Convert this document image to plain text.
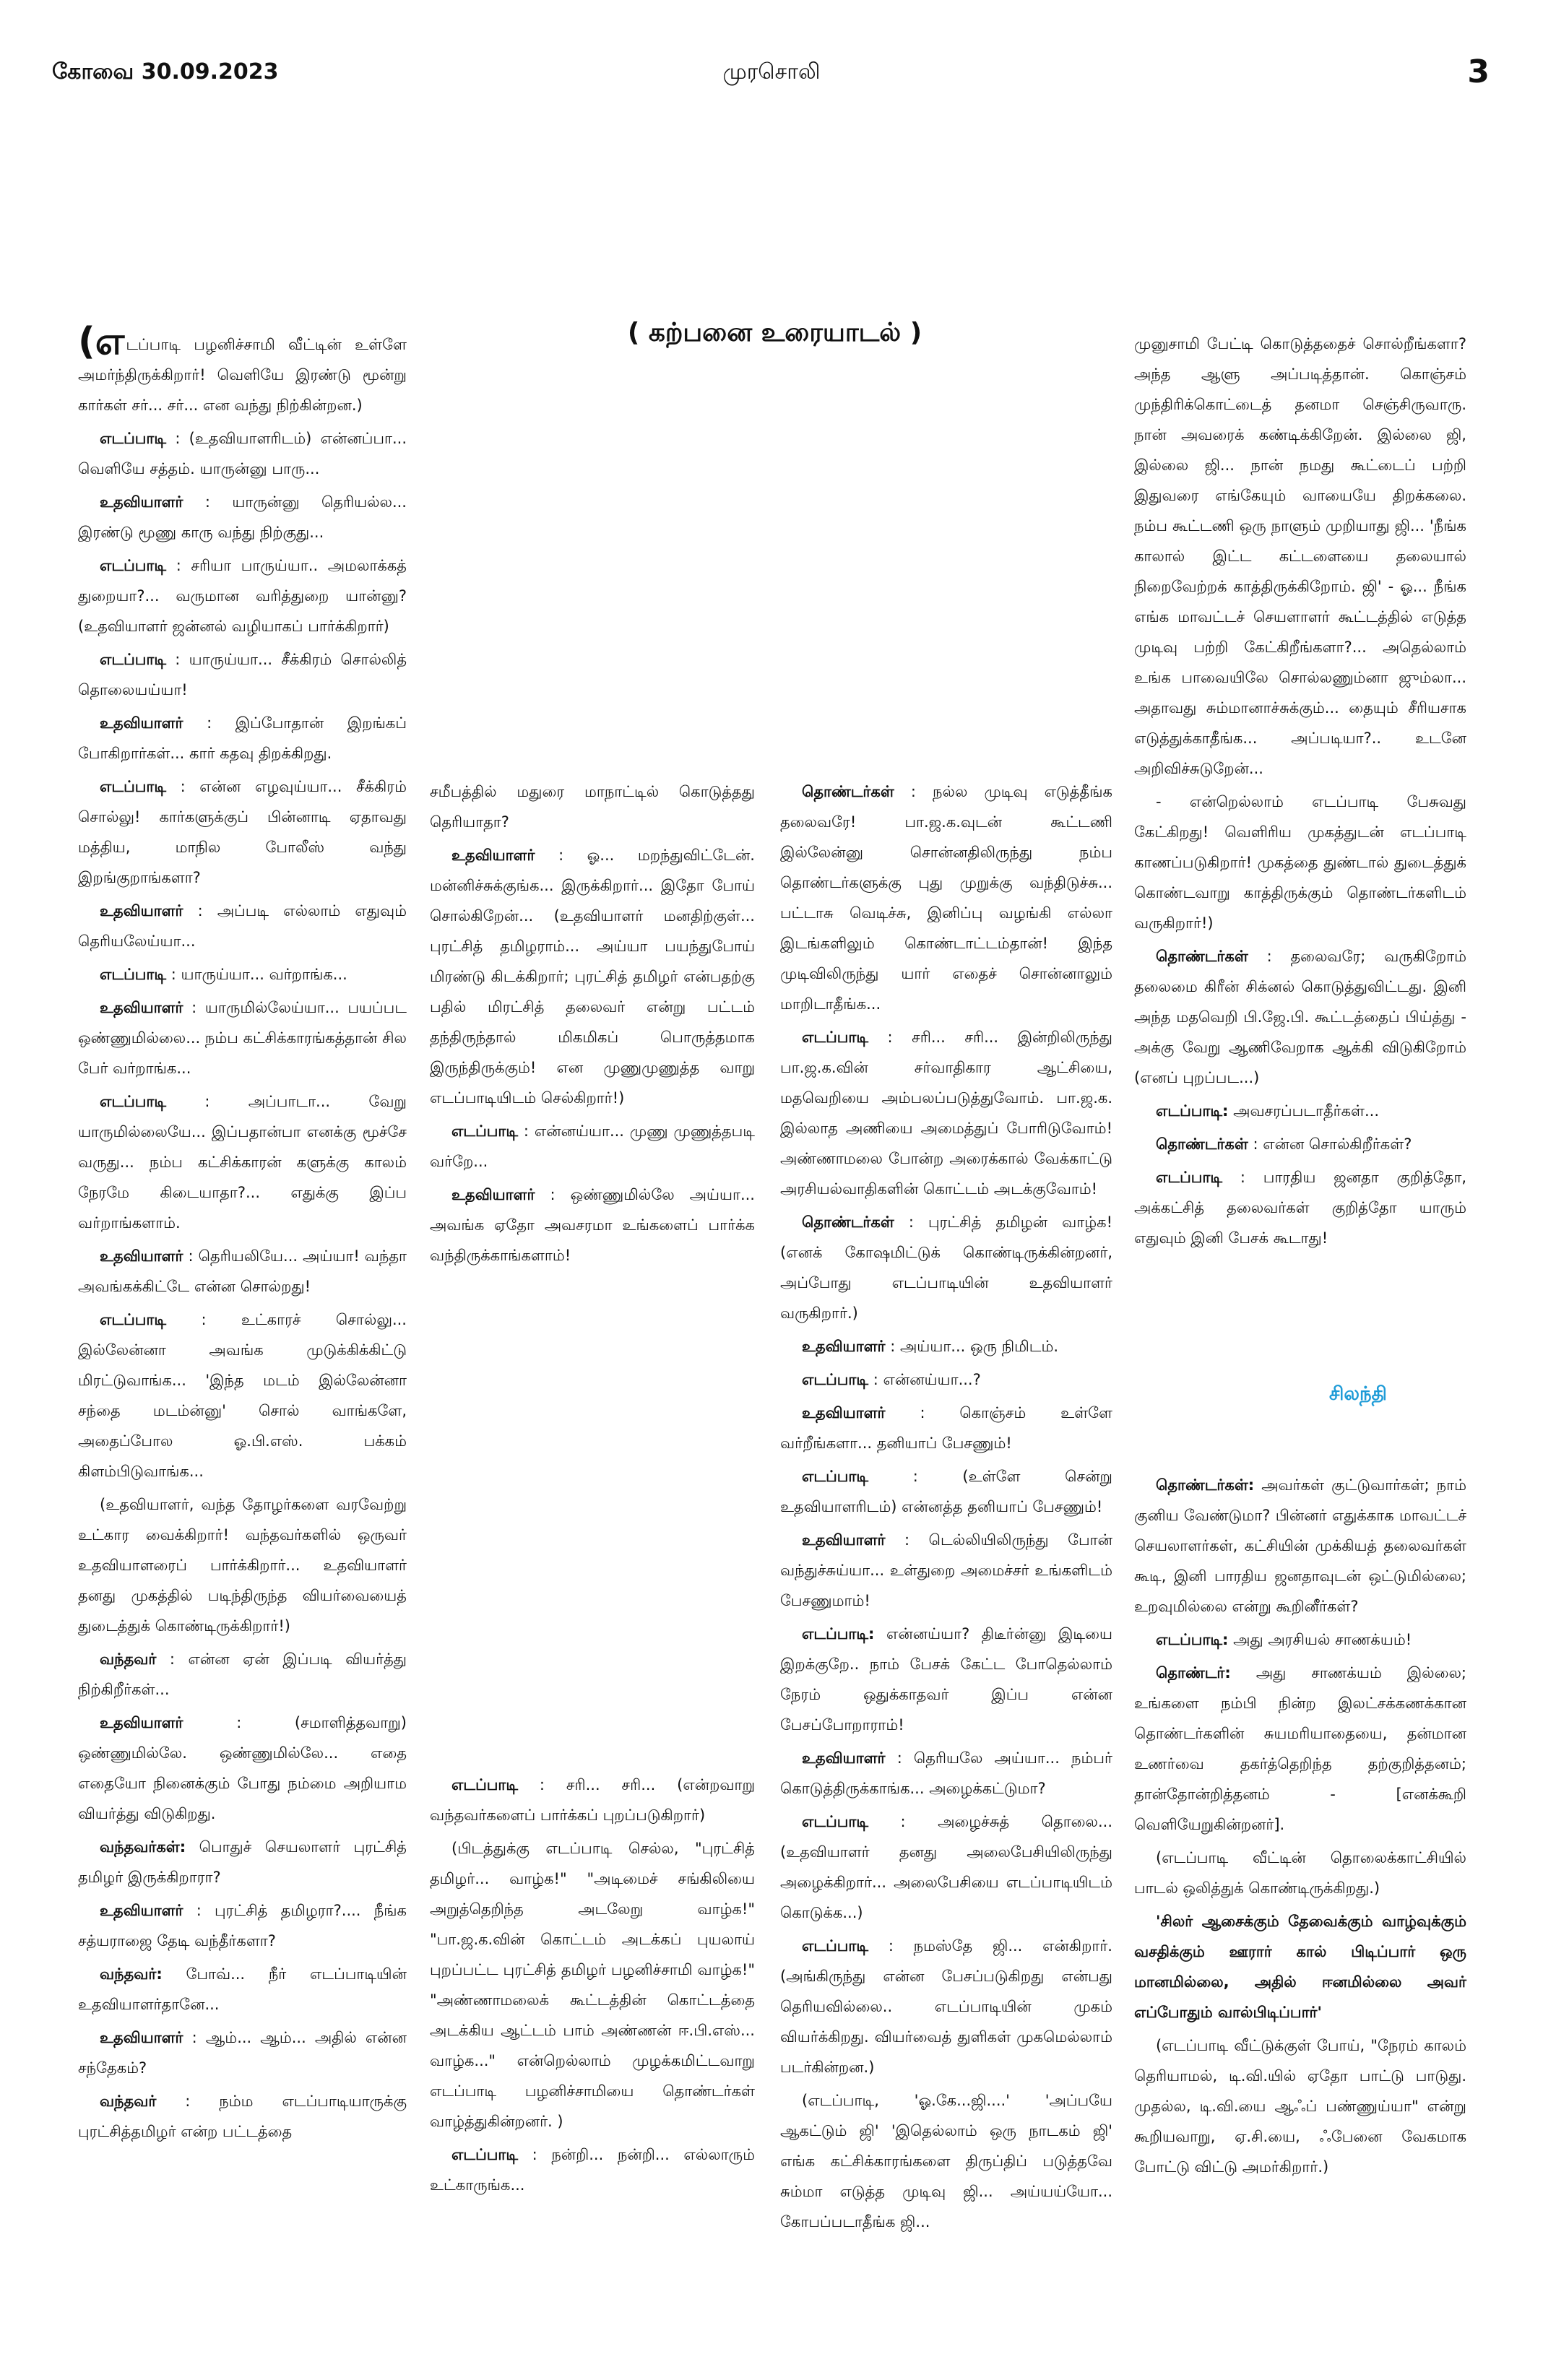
கோவை 30.09.2023	முரசொலி	3
( கற்பனை உரையாடல் )

(எடப்பாடி பழனிச்சாமி வீட்டின் உள்ளே அமர்ந்திருக்கிறார்! வெளியே இரண்டு மூன்று கார்கள் சர்... சர்... என வந்து நிற்கின்றன.)

எடப்பாடி : (உதவியாளரிடம்) என்னப்பா... வெளியே சத்தம். யாருன்னு பாரு...

உதவியாளர் : யாருன்னு தெரியல்ல... இரண்டு மூணு காரு வந்து நிற்குது...

எடப்பாடி : சரியா பாருய்யா.. அமலாக்கத் துறையா?... வருமான வரித்துறை யான்னு? (உதவியாளர் ஜன்னல் வழியாகப் பார்க்கிறார்)

எடப்பாடி : யாருய்யா... சீக்கிரம் சொல்லித் தொலையய்யா!

உதவியாளர் : இப்போதான் இறங்கப் போகிறார்கள்... கார் கதவு திறக்கிறது.

எடப்பாடி : என்ன எழவுய்யா... சீக்கிரம் சொல்லு! கார்களுக்குப் பின்னாடி ஏதாவது மத்திய, மாநில போலீஸ் வந்து இறங்குறாங்களா?

உதவியாளர் : அப்படி எல்லாம் எதுவும் தெரியலேய்யா...

எடப்பாடி : யாருய்யா... வர்றாங்க...

உதவியாளர் : யாருமில்லேய்யா... பயப்பட ஒண்ணுமில்லை... நம்ப கட்சிக்காரங்கத்தான் சில பேர் வர்றாங்க...

எடப்பாடி	: அப்பாடா... வேறு யாருமில்லையே... இப்பதான்பா எனக்கு மூச்சே வருது... நம்ப கட்சிக்காரன் களுக்கு காலம் நேரமே கிடையாதா?... எதுக்கு இப்ப வர்றாங்களாம்.

உதவியாளர் : தெரியலியே... அய்யா! வந்தா அவங்கக்கிட்டே என்ன சொல்றது!

எடப்பாடி : உட்காரச் சொல்லு... இல்லேன்னா அவங்க முடுக்கிக்கிட்டு மிரட்டுவாங்க... 'இந்த மடம் இல்லேன்னா சந்தை மடம்ன்னு' சொல் வாங்களே, அதைப்போல ஓ.பி.எஸ். பக்கம் கிளம்பிடுவாங்க...

(உதவியாளர், வந்த தோழர்களை வரவேற்று உட்கார வைக்கிறார்! வந்தவர்களில் ஒருவர் உதவியாளரைப் பார்க்கிறார்... உதவியாளர் தனது முகத்தில் படிந்திருந்த வியர்வையைத் துடைத்துக் கொண்டிருக்கிறார்!)

வந்தவர் : என்ன ஏன் இப்படி வியர்த்து நிற்கிறீர்கள்...

உதவியாளர்	: (சமாளித்தவாறு) ஒண்ணுமில்லே. ஒண்ணுமில்லே... எதை எதையோ நினைக்கும் போது நம்மை அறியாம வியர்த்து விடுகிறது.

வந்தவர்கள்: பொதுச் செயலாளர் புரட்சித் தமிழர் இருக்கிறாரா?

உதவியாளர் : புரட்சித் தமிழரா?.... நீங்க சத்யராஜை தேடி வந்தீர்களா?

வந்தவர்: போவ்... நீர் எடப்பாடியின் உதவியாளர்தானே...

உதவியாளர் : ஆம்... ஆம்... அதில் என்ன சந்தேகம்?

வந்தவர் : நம்ம எடப்பாடியாருக்கு புரட்சித்தமிழர் என்ற பட்டத்தை

சமீபத்தில் மதுரை மாநாட்டில் கொடுத்தது தெரியாதா?

உதவியாளர் : ஓ... மறந்துவிட்டேன். மன்னிச்சுக்குங்க... இருக்கிறார்... இதோ போய் சொல்கிறேன்... (உதவியாளர் மனதிற்குள்... புரட்சித் தமிழராம்... அய்யா பயந்துபோய் மிரண்டு கிடக்கிறார்; புரட்சித் தமிழர் என்பதற்கு பதில் மிரட்சித் தலைவர் என்று பட்டம் தந்திருந்தால் மிகமிகப் பொருத்தமாக இருந்திருக்கும்! என முணுமுணுத்த வாறு எடப்பாடியிடம் செல்கிறார்!)

எடப்பாடி : என்னய்யா... முணு முணுத்தபடி வர்றே...

உதவியாளர் : ஒண்ணுமில்லே அய்யா... அவங்க ஏதோ அவசரமா உங்களைப் பார்க்க வந்திருக்காங்களாம்!

எடப்பாடி : சரி... சரி... (என்றவாறு வந்தவர்களைப் பார்க்கப் புறப்படுகிறார்)

(பிடத்துக்கு எடப்பாடி செல்ல, "புரட்சித் தமிழர்... வாழ்க!" "அடிமைச் சங்கிலியை அறுத்தெறிந்த அடலேறு வாழ்க!" "பா.ஜ.க.வின் கொட்டம் அடக்கப் புயலாய் புறப்பட்ட புரட்சித் தமிழர் பழனிச்சாமி வாழ்க!" "அண்ணாமலைக் கூட்டத்தின் கொட்டத்தை அடக்கிய ஆட்டம் பாம் அண்ணன் ஈ.பி.எஸ்... வாழ்க..." என்றெல்லாம் முழக்கமிட்டவாறு எடப்பாடி பழனிச்சாமியை தொண்டர்கள் வாழ்த்துகின்றனர். )

எடப்பாடி : நன்றி... நன்றி... எல்லாரும் உட்காருங்க...

தொண்டர்கள் : நல்ல முடிவு எடுத்தீங்க தலைவரே! பா.ஜ.க.வுடன் கூட்டணி இல்லேன்னு சொன்னதிலிருந்து நம்ப தொண்டர்களுக்கு புது முறுக்கு வந்திடுச்சு... பட்டாசு வெடிச்சு, இனிப்பு வழங்கி எல்லா இடங்களிலும் கொண்டாட்டம்தான்! இந்த முடிவிலிருந்து யார் எதைச் சொன்னாலும் மாறிடாதீங்க...

எடப்பாடி : சரி... சரி... இன்றிலிருந்து பா.ஜ.க.வின் சர்வாதிகார ஆட்சியை, மதவெறியை அம்பலப்படுத்துவோம். பா.ஜ.க. இல்லாத அணியை அமைத்துப் போரிடுவோம்! அண்ணாமலை போன்ற அரைக்கால் வேக்காட்டு அரசியல்வாதிகளின் கொட்டம் அடக்குவோம்!

தொண்டர்கள் : புரட்சித் தமிழன் வாழ்க! (எனக் கோஷமிட்டுக் கொண்டிருக்கின்றனர், அப்போது எடப்பாடியின் உதவியாளர் வருகிறார்.)

உதவியாளர் : அய்யா... ஒரு நிமிடம்.

எடப்பாடி : என்னய்யா...?

உதவியாளர் : கொஞ்சம் உள்ளே வர்றீங்களா... தனியாப் பேசணும்!

எடப்பாடி	: (உள்ளே சென்று உதவியாளரிடம்) என்னத்த தனியாப் பேசணும்!

உதவியாளர் : டெல்லியிலிருந்து போன் வந்துச்சுய்யா... உள்துறை அமைச்சர் உங்களிடம் பேசணுமாம்!

எடப்பாடி: என்னய்யா? திடீர்ன்னு இடியை இறக்குறே.. நாம் பேசக் கேட்ட போதெல்லாம் நேரம் ஒதுக்காதவர் இப்ப என்ன பேசப்போறாராம்!

உதவியாளர் : தெரியலே அய்யா... நம்பர் கொடுத்திருக்காங்க... அழைக்கட்டுமா?

எடப்பாடி : அழைச்சுத் தொலை... (உதவியாளர் தனது அலைபேசியிலிருந்து அழைக்கிறார்... அலைபேசியை எடப்பாடியிடம் கொடுக்க...)

எடப்பாடி : நமஸ்தே ஜி... என்கிறார். (அங்கிருந்து என்ன பேசப்படுகிறது என்பது தெரியவில்லை.. எடப்பாடியின் முகம் வியர்க்கிறது. வியர்வைத் துளிகள் முகமெல்லாம் படர்கின்றன.)

(எடப்பாடி, 'ஓ.கே...ஜி....' 'அப்பயே ஆகட்டும் ஜி' 'இதெல்லாம் ஒரு நாடகம் ஜி' எங்க கட்சிக்காரங்களை திருப்திப் படுத்தவே சும்மா எடுத்த முடிவு ஜி... அய்யய்யோ... கோபப்படாதீங்க ஜி...

முனுசாமி பேட்டி கொடுத்ததைச் சொல்றீங்களா? அந்த ஆளு அப்படித்தான். கொஞ்சம் முந்திரிக்கொட்டைத் தனமா செஞ்சிருவாரு. நான் அவரைக் கண்டிக்கிறேன். இல்லை ஜி, இல்லை ஜி... நான் நமது கூட்டைப் பற்றி இதுவரை எங்கேயும் வாயையே திறக்கலை. நம்ப கூட்டணி ஒரு நாளும் முறியாது ஜி... 'நீங்க காலால் இட்ட கட்டளையை தலையால் நிறைவேற்றக் காத்திருக்கிறோம். ஜி' - ஓ... நீங்க எங்க மாவட்டச் செயளாளர் கூட்டத்தில் எடுத்த முடிவு பற்றி கேட்கிறீங்களா?... அதெல்லாம் உங்க பாவையிலே சொல்லணும்னா ஜும்லா... அதாவது சும்மானாச்சுக்கும்... தையும் சீரியசாக எடுத்துக்காதீங்க... அப்படியா?.. உடனே அறிவிச்சுடுறேன்...

- என்றெல்லாம் எடப்பாடி பேசுவது கேட்கிறது! வெளிரிய முகத்துடன் எடப்பாடி காணப்படுகிறார்! முகத்தை துண்டால் துடைத்துக் கொண்டவாறு காத்திருக்கும் தொண்டர்களிடம் வருகிறார்!)

தொண்டர்கள் : தலைவரே; வருகிறோம் தலைமை கிரீன் சிக்னல் கொடுத்துவிட்டது. இனி அந்த மதவெறி பி.ஜே.பி. கூட்டத்தைப் பிய்த்து - அக்கு வேறு ஆணிவேறாக ஆக்கி விடுகிறோம் (எனப் புறப்பட...)

எடப்பாடி: அவசரப்படாதீர்கள்...

தொண்டர்கள் : என்ன சொல்கிறீர்கள்?

எடப்பாடி : பாரதிய ஜனதா குறித்தோ, அக்கட்சித் தலைவர்கள் குறித்தோ யாரும் எதுவும் இனி பேசக் கூடாது!

தொண்டர்கள்: அவர்கள் குட்டுவார்கள்; நாம் குனிய வேண்டுமா? பின்னர் எதுக்காக மாவட்டச் செயலாளர்கள், கட்சியின் முக்கியத் தலைவர்கள் கூடி, இனி பாரதிய ஜனதாவுடன் ஒட்டுமில்லை; உறவுமில்லை என்று கூறினீர்கள்?

எடப்பாடி: அது அரசியல் சாணக்யம்!

தொண்டர்: அது சாணக்யம் இல்லை; உங்களை நம்பி நின்ற இலட்சக்கணக்கான தொண்டர்களின் சுயமரியாதையை, தன்மான உணர்வை தகர்த்தெறிந்த தற்குறித்தனம்; தான்தோன்றித்தனம் - [எனக்கூறி வெளியேறுகின்றனர்].

(எடப்பாடி வீட்டின் தொலைக்காட்சியில் பாடல் ஒலித்துக் கொண்டிருக்கிறது.)

'சிலர் ஆசைக்கும் தேவைக்கும் வாழ்வுக்கும் வசதிக்கும் ஊரார் கால் பிடிப்பார் ஒரு மானமில்லை, அதில் ஈனமில்லை அவர் எப்போதும் வால்பிடிப்பார்'

(எடப்பாடி வீட்டுக்குள் போய், "நேரம் காலம் தெரியாமல், டி.வி.யில் ஏதோ பாட்டு பாடுது. முதல்ல, டி.வி.யை ஆஃப் பண்ணுய்யா" என்று கூறியவாறு, ஏ.சி.யை, ஃபேனை வேகமாக போட்டு விட்டு அமர்கிறார்.)

சிலந்தி
